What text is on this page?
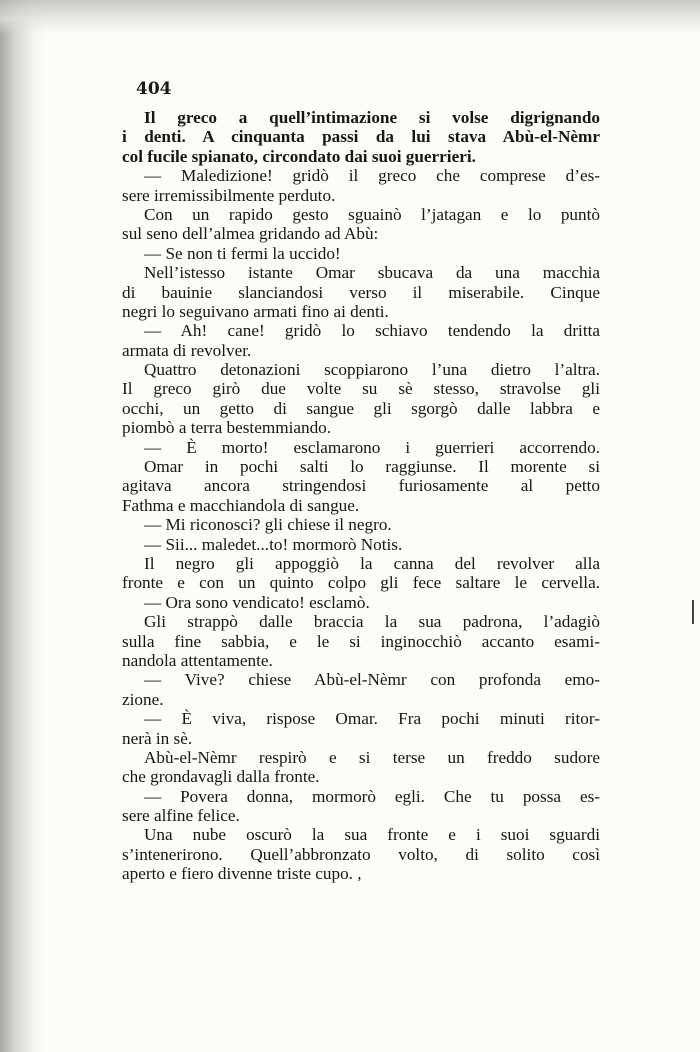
404
Il greco a quell’intimazione si volse digrignando
i denti. A cinquanta passi da lui stava Abù-el-Nèmr
col fucile spianato, circondato dai suoi guerrieri.
— Maledizione! gridò il greco che comprese d’es-
sere irremissibilmente perduto.
Con un rapido gesto sguainò l’jatagan e lo puntò
sul seno dell’almea gridando ad Abù:
— Se non ti fermi la uccido!
Nell’istesso istante Omar sbucava da una macchia
di bauinie slanciandosi verso il miserabile. Cinque
negri lo seguivano armati fino ai denti.
— Ah! cane! gridò lo schiavo tendendo la dritta
armata di revolver.
Quattro detonazioni scoppiarono l’una dietro l’altra.
Il greco girò due volte su sè stesso, stravolse gli
occhi, un getto di sangue gli sgorgò dalle labbra e
piombò a terra bestemmiando.
— È morto! esclamarono i guerrieri accorrendo.
Omar in pochi salti lo raggiunse. Il morente si
agitava ancora stringendosi furiosamente al petto
Fathma e macchiandola di sangue.
— Mi riconosci? gli chiese il negro.
— Sii... maledet...to! mormorò Notis.
Il negro gli appoggiò la canna del revolver alla
fronte e con un quinto colpo gli fece saltare le cervella.
— Ora sono vendicato! esclamò.
Gli strappò dalle braccia la sua padrona, l’adagiò
sulla fine sabbia, e le si inginocchiò accanto esami-
nandola attentamente.
— Vive? chiese Abù-el-Nèmr con profonda emo-
zione.
— È viva, rispose Omar. Fra pochi minuti ritor-
nerà in sè.
Abù-el-Nèmr respirò e si terse un freddo sudore
che grondavagli dalla fronte.
— Povera donna, mormorò egli. Che tu possa es-
sere alfine felice.
Una nube oscurò la sua fronte e i suoi sguardi
s’intenerirono. Quell’abbronzato volto, di solito così
aperto e fiero divenne triste cupo. ,
